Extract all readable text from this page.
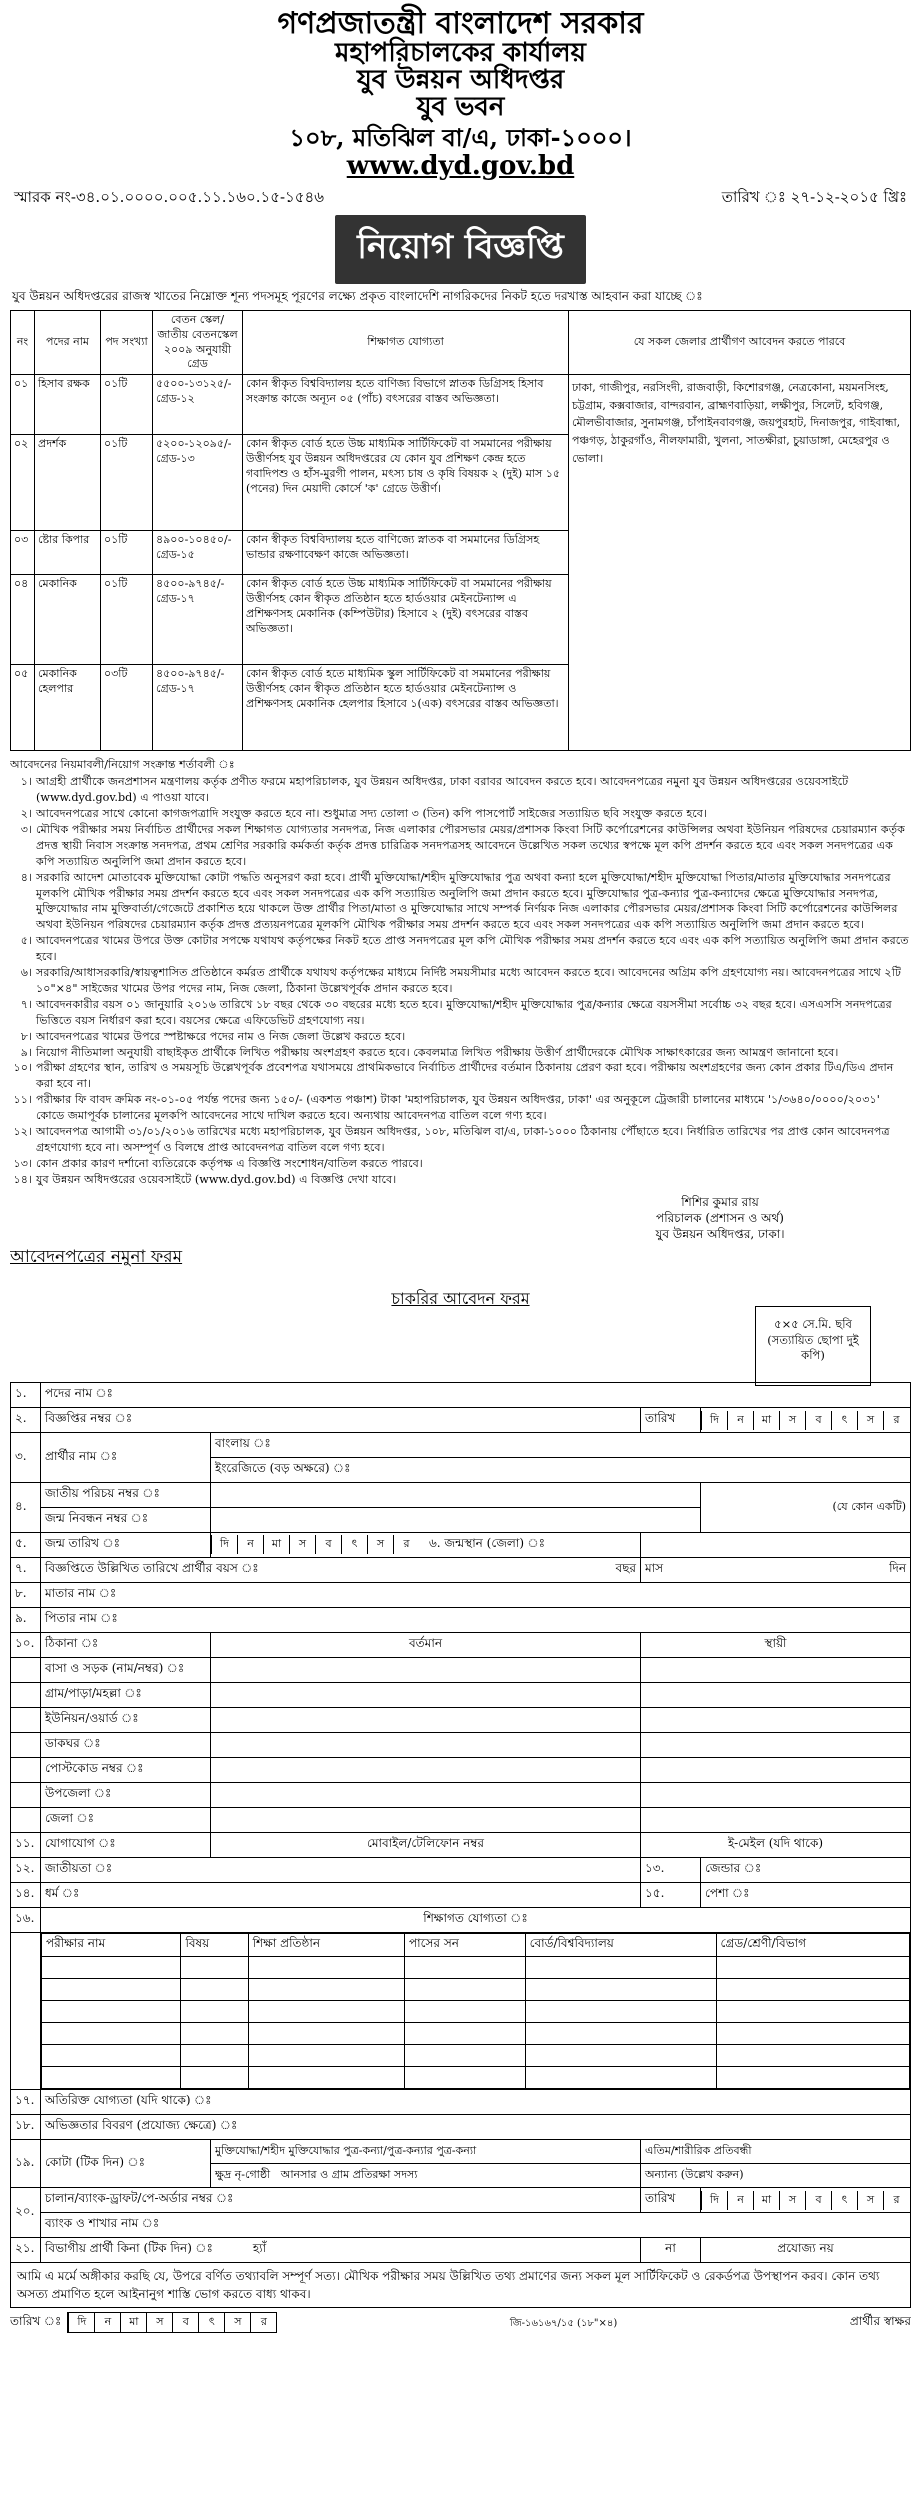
গণপ্রজাতন্ত্রী বাংলাদেশ সরকার
মহাপরিচালকের কার্যালয়
যুব উন্নয়ন অধিদপ্তর
যুব ভবন
১০৮, মতিঝিল বা/এ, ঢাকা-১০০০।
www.dyd.gov.bd
স্মারক নং-৩৪.০১.০০০০.০০৫.১১.১৬০.১৫-১৫৪৬	তারিখ ঃ ২৭-১২-২০১৫ খ্রিঃ
নিয়োগ বিজ্ঞপ্তি
যুব উন্নয়ন অধিদপ্তরের রাজস্ব খাতের নিম্নোক্ত শূন্য পদসমূহ পূরণের লক্ষ্যে প্রকৃত বাংলাদেশি নাগরিকদের নিকট হতে দরখাস্ত আহবান করা যাচ্ছে ঃ
নং	পদের নাম	পদ সংখ্যা	বেতন স্কেল/জাতীয় বেতনস্কেল ২০০৯ অনুযায়ী গ্রেড	শিক্ষাগত যোগ্যতা	যে সকল জেলার প্রার্থীগণ আবেদন করতে পারবে
০১	হিসাব রক্ষক	০১টি	৫৫০০-১৩১২৫/- গ্রেড-১২	কোন স্বীকৃত বিশ্ববিদ্যালয় হতে বাণিজ্য বিভাগে স্নাতক ডিগ্রিসহ হিসাব সংক্রান্ত কাজে অন্যূন ০৫ (পাঁচ) বৎসরের বাস্তব অভিজ্ঞতা।	ঢাকা, গাজীপুর, নরসিংদী, রাজবাড়ী, কিশোরগঞ্জ, নেত্রকোনা, ময়মনসিংহ, চট্টগ্রাম, কক্সবাজার, বান্দরবান, ব্রাহ্মণবাড়িয়া, লক্ষীপুর, সিলেট, হবিগঞ্জ, মৌলভীবাজার, সুনামগঞ্জ, চাঁপাইনবাবগঞ্জ, জয়পুরহাট, দিনাজপুর, গাইবান্ধা, পঞ্চগড়, ঠাকুরগাঁও, নীলফামারী, খুলনা, সাতক্ষীরা, চুয়াডাঙ্গা, মেহেরপুর ও ভোলা।
০২	প্রদর্শক	০১টি	৫২০০-১২০৯৫/- গ্রেড-১৩	কোন স্বীকৃত বোর্ড হতে উচ্চ মাধ্যমিক সার্টিফিকেট বা সমমানের পরীক্ষায় উত্তীর্ণসহ যুব উন্নয়ন অধিদপ্তরের যে কোন যুব প্রশিক্ষণ কেন্দ্র হতে গবাদিপশু ও হাঁস-মুরগী পালন, মৎস্য চাষ ও কৃষি বিষয়ক ২ (দুই) মাস ১৫ (পনের) দিন মেয়াদী কোর্সে 'ক' গ্রেডে উত্তীর্ণ।	
০৩	ষ্টোর কিপার	০১টি	৪৯০০-১০৪৫০/- গ্রেড-১৫	কোন স্বীকৃত বিশ্ববিদ্যালয় হতে বাণিজ্যে স্নাতক বা সমমানের ডিগ্রিসহ ভান্ডার রক্ষণাবেক্ষণ কাজে অভিজ্ঞতা।	
০৪	মেকানিক	০১টি	৪৫০০-৯৭৪৫/- গ্রেড-১৭	কোন স্বীকৃত বোর্ড হতে উচ্চ মাধ্যমিক সার্টিফিকেট বা সমমানের পরীক্ষায় উত্তীর্ণসহ কোন স্বীকৃত প্রতিষ্ঠান হতে হার্ডওয়ার মেইনটেন্যান্স এ প্রশিক্ষণসহ মেকানিক (কম্পিউটার) হিসাবে ২ (দুই) বৎসরের বাস্তব অভিজ্ঞতা।	
০৫	মেকানিক হেলপার	০৩টি	৪৫০০-৯৭৪৫/- গ্রেড-১৭	কোন স্বীকৃত বোর্ড হতে মাধ্যমিক স্কুল সার্টিফিকেট বা সমমানের পরীক্ষায় উত্তীর্ণসহ কোন স্বীকৃত প্রতিষ্ঠান হতে হার্ডওয়ার মেইনটেন্যান্স ও প্রশিক্ষণসহ মেকানিক হেলপার হিসাবে ১(এক) বৎসরের বাস্তব অভিজ্ঞতা।	
আবেদনের নিয়মাবলী/নিয়োগ সংক্রান্ত শর্তাবলী ঃ
১। আগ্রহী প্রার্থীকে জনপ্রশাসন মন্ত্রণালয় কর্তৃক প্রণীত ফরমে মহাপরিচালক, যুব উন্নয়ন অধিদপ্তর, ঢাকা বরাবর আবেদন করতে হবে। আবেদনপত্রের নমুনা যুব উন্নয়ন অধিদপ্তরের ওয়েবসাইটে (www.dyd.gov.bd) এ পাওয়া যাবে।
২। আবেদনপত্রের সাথে কোনো কাগজপত্রাদি সংযুক্ত করতে হবে না। শুধুমাত্র সদ্য তোলা ৩ (তিন) কপি পাসপোর্ট সাইজের সত্যায়িত ছবি সংযুক্ত করতে হবে।
৩। মৌখিক পরীক্ষার সময় নির্বাচিত প্রার্থীদের সকল শিক্ষাগত যোগ্যতার সনদপত্র, নিজ এলাকার পৌরসভার মেয়র/প্রশাসক কিংবা সিটি কর্পোরেশনের কাউন্সিলর অথবা ইউনিয়ন পরিষদের চেয়ারম্যান কর্তৃক প্রদত্ত স্থায়ী নিবাস সংক্রান্ত সনদপত্র, প্রথম শ্রেণির সরকারি কর্মকর্তা কর্তৃক প্রদত্ত চারিত্রিক সনদপত্রসহ আবেদনে উল্লেখিত সকল তথ্যের স্বপক্ষে মূল কপি প্রদর্শন করতে হবে এবং সকল সনদপত্রের এক কপি সত্যায়িত অনুলিপি জমা প্রদান করতে হবে।
৪। সরকারি আদেশ মোতাবেক মুক্তিযোদ্ধা কোটা পদ্ধতি অনুসরণ করা হবে। প্রার্থী মুক্তিযোদ্ধা/শহীদ মুক্তিযোদ্ধার পুত্র অথবা কন্যা হলে মুক্তিযোদ্ধা/শহীদ মুক্তিযোদ্ধা পিতার/মাতার মুক্তিযোদ্ধার সনদপত্রের মূলকপি মৌখিক পরীক্ষার সময় প্রদর্শন করতে হবে এবং সকল সনদপত্রের এক কপি সত্যায়িত অনুলিপি জমা প্রদান করতে হবে। মুক্তিযোদ্ধার পুত্র-কন্যার পুত্র-কন্যাদের ক্ষেত্রে মুক্তিযোদ্ধার সনদপত্র, মুক্তিযোদ্ধার নাম মুক্তিবার্তা/গেজেটে প্রকাশিত হয়ে থাকলে উক্ত প্রার্থীর পিতা/মাতা ও মুক্তিযোদ্ধার সাথে সম্পর্ক নির্ণয়ক নিজ এলাকার পৌরসভার মেয়র/প্রশাসক কিংবা সিটি কর্পোরেশনের কাউন্সিলর অথবা ইউনিয়ন পরিষদের চেয়ারম্যান কর্তৃক প্রদত্ত প্রত্যয়নপত্রের মূলকপি মৌখিক পরীক্ষার সময় প্রদর্শন করতে হবে এবং সকল সনদপত্রের এক কপি সত্যায়িত অনুলিপি জমা প্রদান করতে হবে।
৫। আবেদনপত্রের খামের উপরে উক্ত কোটার সপক্ষে যথাযথ কর্তৃপক্ষের নিকট হতে প্রাপ্ত সনদপত্রের মূল কপি মৌখিক পরীক্ষার সময় প্রদর্শন করতে হবে এবং এক কপি সত্যায়িত অনুলিপি জমা প্রদান করতে হবে।
৬। সরকারি/আধাসরকারি/স্বায়ত্বশাসিত প্রতিষ্ঠানে কর্মরত প্রার্থীকে যথাযথ কর্তৃপক্ষের মাধ্যমে নির্দিষ্ট সময়সীমার মধ্যে আবেদন করতে হবে। আবেদনের অগ্রিম কপি গ্রহণযোগ্য নয়। আবেদনপত্রের সাথে ২টি ১০"×৪" সাইজের খামের উপর পদের নাম, নিজ জেলা, ঠিকানা উল্লেখপূর্বক প্রদান করতে হবে।
৭। আবেদনকারীর বয়স ০১ জানুয়ারি ২০১৬ তারিখে ১৮ বছর থেকে ৩০ বছরের মধ্যে হতে হবে। মুক্তিযোদ্ধা/শহীদ মুক্তিযোদ্ধার পুত্র/কন্যার ক্ষেত্রে বয়সসীমা সর্বোচ্চ ৩২ বছর হবে। এসএসসি সনদপত্রের ভিত্তিতে বয়স নির্ধারণ করা হবে। বয়সের ক্ষেত্রে এফিডেভিট গ্রহণযোগ্য নয়।
৮। আবেদনপত্রের খামের উপরে স্পষ্টাক্ষরে পদের নাম ও নিজ জেলা উল্লেখ করতে হবে।
৯। নিয়োগ নীতিমালা অনুযায়ী বাছাইকৃত প্রার্থীকে লিখিত পরীক্ষায় অংশগ্রহণ করতে হবে। কেবলমাত্র লিখিত পরীক্ষায় উত্তীর্ণ প্রার্থীদেরকে মৌখিক সাক্ষাৎকারের জন্য আমন্ত্রণ জানানো হবে।
১০। পরীক্ষা গ্রহণের স্থান, তারিখ ও সময়সূচি উল্লেখপূর্বক প্রবেশপত্র যথাসময়ে প্রাথমিকভাবে নির্বাচিত প্রার্থীদের বর্তমান ঠিকানায় প্রেরণ করা হবে। পরীক্ষায় অংশগ্রহণের জন্য কোন প্রকার টিএ/ডিএ প্রদান করা হবে না।
১১। পরীক্ষার ফি বাবদ ক্রমিক নং-০১-০৫ পর্যন্ত পদের জন্য ১৫০/- (একশত পঞ্চাশ) টাকা 'মহাপরিচালক, যুব উন্নয়ন অধিদপ্তর, ঢাকা' এর অনুকূলে ট্রেজারী চালানের মাধ্যমে '১/৩৬৪০/০০০০/২০৩১' কোডে জমাপূর্বক চালানের মূলকপি আবেদনের সাথে দাখিল করতে হবে। অন্যথায় আবেদনপত্র বাতিল বলে গণ্য হবে।
১২। আবেদনপত্র আগামী ৩১/০১/২০১৬ তারিখের মধ্যে মহাপরিচালক, যুব উন্নয়ন অধিদপ্তর, ১০৮, মতিঝিল বা/এ, ঢাকা-১০০০ ঠিকানায় পৌঁছাতে হবে। নির্ধারিত তারিখের পর প্রাপ্ত কোন আবেদনপত্র গ্রহণযোগ্য হবে না। অসম্পূর্ণ ও বিলম্বে প্রাপ্ত আবেদনপত্র বাতিল বলে গণ্য হবে।
১৩। কোন প্রকার কারণ দর্শানো ব্যতিরেকে কর্তৃপক্ষ এ বিজ্ঞপ্তি সংশোধন/বাতিল করতে পারবে।
১৪। যুব উন্নয়ন অধিদপ্তরের ওয়েবসাইটে (www.dyd.gov.bd) এ বিজ্ঞপ্তি দেখা যাবে।
শিশির কুমার রায়
পরিচালক (প্রশাসন ও অর্থ)
যুব উন্নয়ন অধিদপ্তর, ঢাকা।
আবেদনপত্রের নমুনা ফরম
চাকরির আবেদন ফরম
৫×৫ সে.মি. ছবি (সত্যায়িত ছোপা দুই কপি)
১.	পদের নাম ঃ
২.	বিজ্ঞপ্তির নম্বর ঃ	তারিখ	দি	ন	মা	স	ব	ৎ	স	র

৩.	প্রার্থীর নাম ঃ	বাংলায় ঃ
ইংরেজিতে (বড় অক্ষরে) ঃ
৪.	জাতীয় পরিচয় নম্বর ঃ		(যে কোন একটি)
জন্ম নিবন্ধন নম্বর ঃ	
৫.	জন্ম তারিখ ঃ	দি	ন	মা	স	ব	ৎ	স	র	৬. জন্মস্থান (জেলা) ঃ	
৭.	বিজ্ঞপ্তিতে উল্লিখিত তারিখে প্রার্থীর বয়স ঃ	বছর	মাস	দিন

৮.	মাতার নাম ঃ
৯.	পিতার নাম ঃ
১০.	ঠিকানা ঃ	বর্তমান	স্থায়ী
	বাসা ও সড়ক (নাম/নম্বর) ঃ		
	গ্রাম/পাড়া/মহল্লা ঃ		
	ইউনিয়ন/ওয়ার্ড ঃ		
	ডাকঘর ঃ		
	পোস্টকোড নম্বর ঃ		
	উপজেলা ঃ		
	জেলা ঃ		
১১.	যোগাযোগ ঃ	মোবাইল/টেলিফোন নম্বর	ই-মেইল (যদি থাকে)
১২.	জাতীয়তা ঃ	১৩.	জেন্ডার ঃ
১৪.	ধর্ম ঃ	১৫.	পেশা ঃ
১৬.	শিক্ষাগত যোগ্যতা ঃ

পরীক্ষার নাম	বিষয়	শিক্ষা প্রতিষ্ঠান	পাসের সন	বোর্ড/বিশ্ববিদ্যালয়	গ্রেড/শ্রেণী/বিভাগ

১৭.	অতিরিক্ত যোগ্যতা (যদি থাকে) ঃ
১৮.	অভিজ্ঞতার বিবরণ (প্রযোজ্য ক্ষেত্রে) ঃ
১৯.	কোটা (টিক দিন) ঃ	মুক্তিযোদ্ধা/শহীদ মুক্তিযোদ্ধার পুত্র-কন্যা/পুত্র-কন্যার পুত্র-কন্যা	এতিম/শারীরিক প্রতিবন্ধী
ক্ষুদ্র নৃ-গোষ্ঠী আনসার ও গ্রাম প্রতিরক্ষা সদস্য	অন্যান্য (উল্লেখ করুন)
২০.	চালান/ব্যাংক-ড্রাফট/পে-অর্ডার নম্বর ঃ	তারিখ	দি	ন	মা	স	ব	ৎ	স	র

ব্যাংক ও শাখার নাম ঃ
২১.	বিভাগীয় প্রার্থী কিনা (টিক দিন) ঃ	হ্যাঁ	না	প্রযোজ্য নয়
আমি এ মর্মে অঙ্গীকার করছি যে, উপরে বর্ণিত তথ্যাবলি সম্পূর্ণ সত্য। মৌখিক পরীক্ষার সময় উল্লিখিত তথ্য প্রমাণের জন্য সকল মূল সার্টিফিকেট ও রেকর্ডপত্র উপস্থাপন করব। কোন তথ্য অসত্য প্রমাণিত হলে আইনানুগ শাস্তি ভোগ করতে বাধ্য থাকব।
তারিখ ঃ	দি	ন	মা	স	ব	ৎ	স	র	জি-১৬১৬৭/১৫ (১৮"×৪)	প্রার্থীর স্বাক্ষর
